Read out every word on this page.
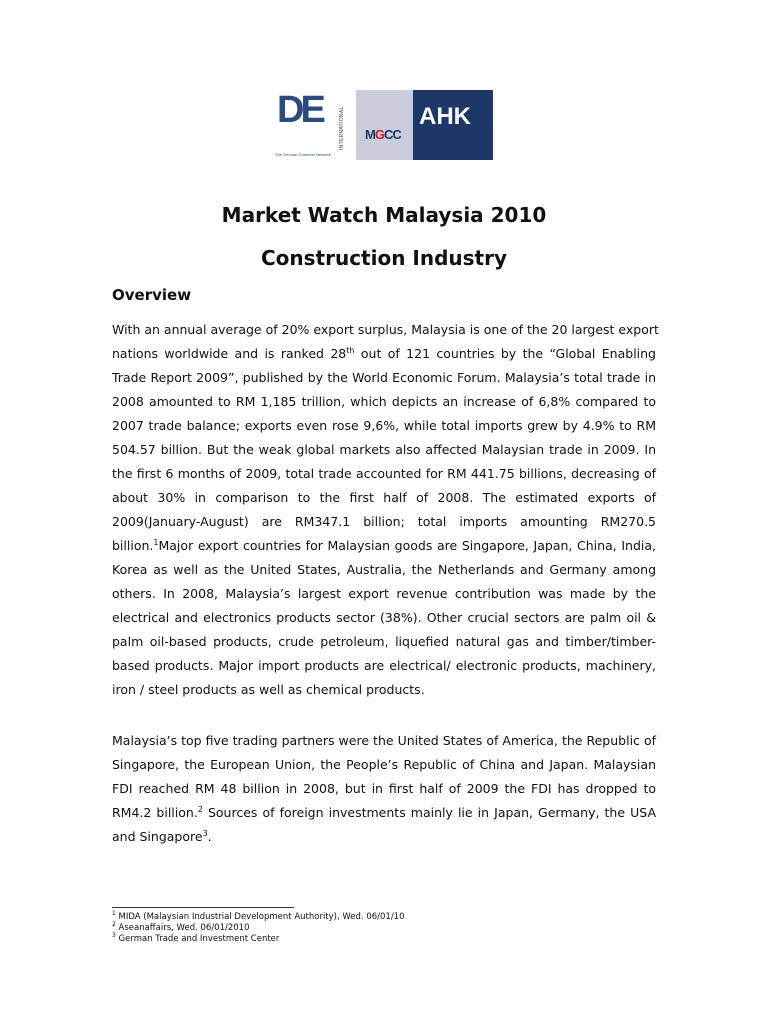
DE	INTERNATIONAL
The German Chamber Network
MGCC
AHK
Market Watch Malaysia 2010
Construction Industry
Overview
With an annual average of 20% export surplus, Malaysia is one of the 20 largest export
nations worldwide and is ranked 28th out of 121 countries by the “Global Enabling
Trade Report 2009”, published by the World Economic Forum. Malaysia’s total trade in
2008 amounted to RM 1,185 trillion, which depicts an increase of 6,8% compared to
2007 trade balance; exports even rose 9,6%, while total imports grew by 4.9% to RM
504.57 billion. But the weak global markets also affected Malaysian trade in 2009. In
the first 6 months of 2009, total trade accounted for RM 441.75 billions, decreasing of
about 30% in comparison to the first half of 2008. The estimated exports of
2009(January-August) are RM347.1 billion; total imports amounting RM270.5
billion.$^1$Major export countries for Malaysian goods are Singapore, Japan, China, India,
Korea as well as the United States, Australia, the Netherlands and Germany among
others. In 2008, Malaysia’s largest export revenue contribution was made by the
electrical and electronics products sector (38%). Other crucial sectors are palm oil &
palm oil-based products, crude petroleum, liquefied natural gas and timber/timber-
based products. Major import products are electrical/ electronic products, machinery,
iron / steel products as well as chemical products.
Malaysia’s top five trading partners were the United States of America, the Republic of
Singapore, the European Union, the People’s Republic of China and Japan. Malaysian
FDI reached RM 48 billion in 2008, but in first half of 2009 the FDI has dropped to
RM4.2 billion.$^2$ Sources of foreign investments mainly lie in Japan, Germany, the USA
and Singapore$^3$.
$^1$ MIDA (Malaysian Industrial Development Authority), Wed. 06/01/10
$^2$ Aseanaffairs, Wed. 06/01/2010
$^3$ German Trade and Investment Center
